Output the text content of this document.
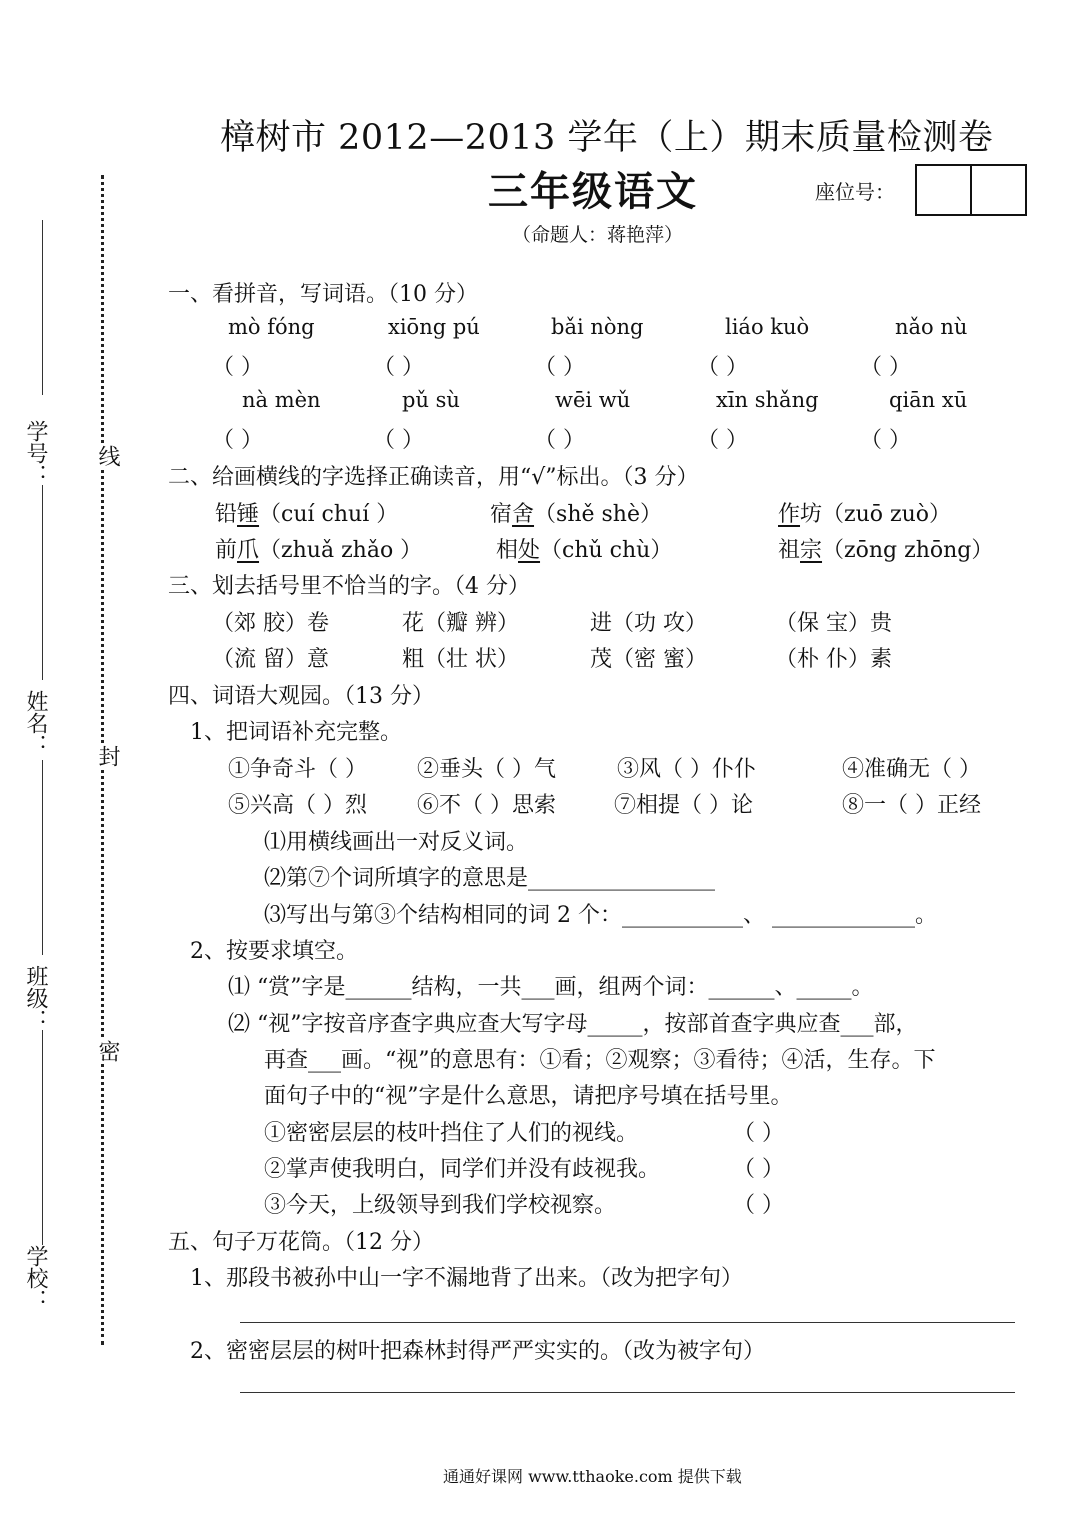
学号：
姓名：
班级：
学校：
线
封
密
樟树市 2012—2013 学年（上）期末质量检测卷
三年级语文	座位号：
（命题人：蒋艳萍）
一、看拼音，写词语。（10 分）
mò fóng	xiōng pú	bǎi nòng	liáo kuò	nǎo nù
（ ）	（ ）	（ ）	（ ）	（ ）
nà mèn	pǔ sù	wēi wǔ	xīn shǎng	qiān xū
（ ）	（ ）	（ ）	（ ）	（ ）
二、给画横线的字选择正确读音，用“√”标出。（3 分）
铅锤（cuí chuí ）	宿舍（shě shè）	作坊（zuō zuò）
前爪（zhuǎ zhǎo ）	相处（chǔ chù）	祖宗（zōng zhōng）
三、划去括号里不恰当的字。（4 分）
（郊 胶）卷	花（瓣 辨）	进（功 攻）	（保 宝）贵
（流 留）意	粗（壮 状）	茂（密 蜜）	（朴 仆）素
四、词语大观园。（13 分）
1、把词语补充完整。
①争奇斗（ ） ②垂头（ ）气	③风（ ）仆仆	④准确无（ ）
⑤兴高（ ）烈 ⑥不（ ）思索	⑦相提（ ）论	⑧一（ ）正经
⑴用横线画出一对反义词。
⑵第⑦个词所填字的意思是_________________
⑶写出与第③个结构相同的词 2 个：___________、 _____________。
2、按要求填空。
⑴ “赏”字是______结构，一共___画，组两个词：______、_____。
⑵ “视”字按音序查字典应查大写字母_____，按部首查字典应查___部，
再查___画。“视”的意思有：①看；②观察；③看待；④活，生存。下
面句子中的“视”字是什么意思，请把序号填在括号里。
①密密层层的枝叶挡住了人们的视线。	（ ）
②掌声使我明白，同学们并没有歧视我。	（ ）
③今天，上级领导到我们学校视察。	（ ）
五、句子万花筒。（12 分）
1、那段书被孙中山一字不漏地背了出来。（改为把字句）
2、密密层层的树叶把森林封得严严实实的。（改为被字句）
通通好课网 www.tthaoke.com 提供下载
